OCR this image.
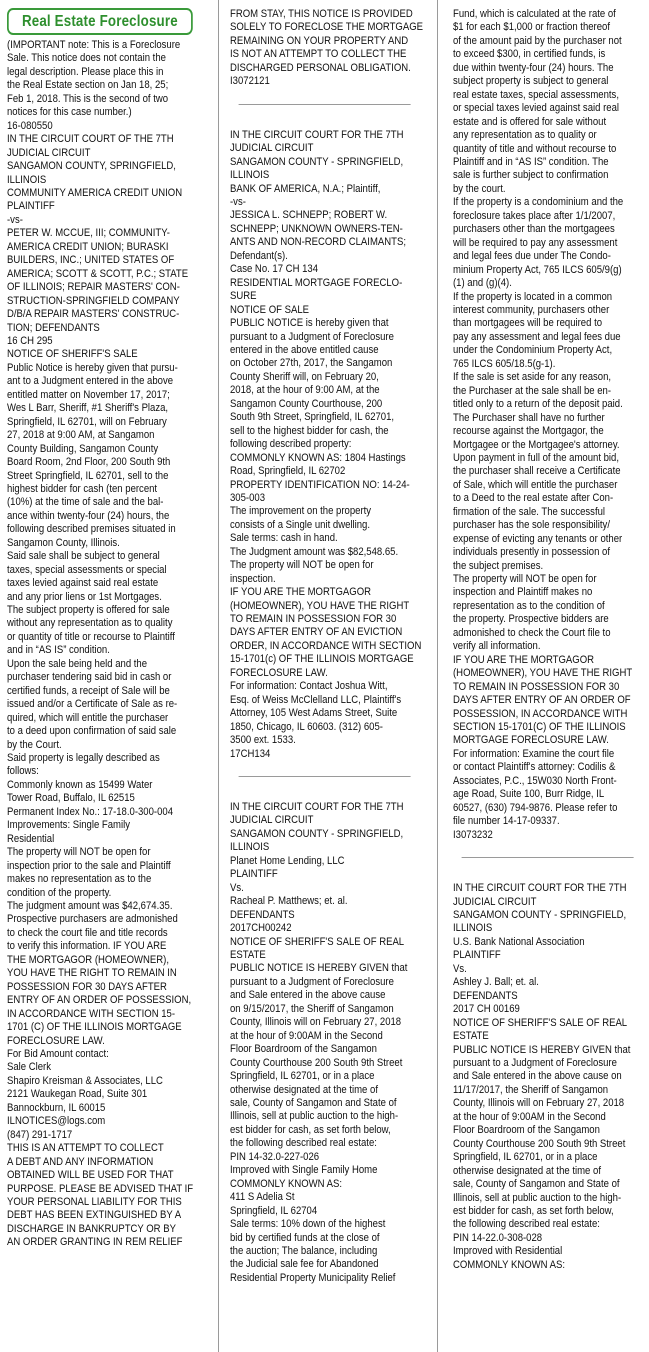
Real Estate Foreclosure
(IMPORTANT note: This is a Foreclosure
Sale. This notice does not contain the
legal description. Please place this in
the Real Estate section on Jan 18, 25;
Feb 1, 2018. This is the second of two
notices for this case number.)
16-080550
IN THE CIRCUIT COURT OF THE 7TH
JUDICIAL CIRCUIT
SANGAMON COUNTY, SPRINGFIELD,
ILLINOIS
COMMUNITY AMERICA CREDIT UNION
PLAINTIFF
-vs-
PETER W. MCCUE, III; COMMUNITY-
AMERICA CREDIT UNION; BURASKI
BUILDERS, INC.; UNITED STATES OF
AMERICA; SCOTT & SCOTT, P.C.; STATE
OF ILLINOIS; REPAIR MASTERS' CON-
STRUCTION-SPRINGFIELD COMPANY
D/B/A REPAIR MASTERS' CONSTRUC-
TION; DEFENDANTS
16 CH 295
NOTICE OF SHERIFF'S SALE
Public Notice is hereby given that pursu-
ant to a Judgment entered in the above
entitled matter on November 17, 2017;
Wes L Barr, Sheriff, #1 Sheriff's Plaza,
Springfield, IL 62701, will on February
27, 2018 at 9:00 AM, at Sangamon
County Building, Sangamon County
Board Room, 2nd Floor, 200 South 9th
Street Springfield, IL 62701, sell to the
highest bidder for cash (ten percent
(10%) at the time of sale and the bal-
ance within twenty-four (24) hours, the
following described premises situated in
Sangamon County, Illinois.
Said sale shall be subject to general
taxes, special assessments or special
taxes levied against said real estate
and any prior liens or 1st Mortgages.
The subject property is offered for sale
without any representation as to quality
or quantity of title or recourse to Plaintiff
and in “AS IS” condition.
Upon the sale being held and the
purchaser tendering said bid in cash or
certified funds, a receipt of Sale will be
issued and/or a Certificate of Sale as re-
quired, which will entitle the purchaser
to a deed upon confirmation of said sale
by the Court.
Said property is legally described as
follows:
Commonly known as 15499 Water
Tower Road, Buffalo, IL 62515
Permanent Index No.: 17-18.0-300-004
Improvements: Single Family
Residential
The property will NOT be open for
inspection prior to the sale and Plaintiff
makes no representation as to the
condition of the property.
The judgment amount was $42,674.35.
Prospective purchasers are admonished
to check the court file and title records
to verify this information. IF YOU ARE
THE MORTGAGOR (HOMEOWNER),
YOU HAVE THE RIGHT TO REMAIN IN
POSSESSION FOR 30 DAYS AFTER
ENTRY OF AN ORDER OF POSSESSION,
IN ACCORDANCE WITH SECTION 15-
1701 (C) OF THE ILLINOIS MORTGAGE
FORECLOSURE LAW.
For Bid Amount contact:
Sale Clerk
Shapiro Kreisman & Associates, LLC
2121 Waukegan Road, Suite 301
Bannockburn, IL 60015
ILNOTICES@logs.com
(847) 291-1717
THIS IS AN ATTEMPT TO COLLECT
A DEBT AND ANY INFORMATION
OBTAINED WILL BE USED FOR THAT
PURPOSE. PLEASE BE ADVISED THAT IF
YOUR PERSONAL LIABILITY FOR THIS
DEBT HAS BEEN EXTINGUISHED BY A
DISCHARGE IN BANKRUPTCY OR BY
AN ORDER GRANTING IN REM RELIEF
FROM STAY, THIS NOTICE IS PROVIDED
SOLELY TO FORECLOSE THE MORTGAGE
REMAINING ON YOUR PROPERTY AND
IS NOT AN ATTEMPT TO COLLECT THE
DISCHARGED PERSONAL OBLIGATION.
I3072121
IN THE CIRCUIT COURT FOR THE 7TH
JUDICIAL CIRCUIT
SANGAMON COUNTY - SPRINGFIELD,
ILLINOIS
BANK OF AMERICA, N.A.; Plaintiff,
-vs-
JESSICA L. SCHNEPP; ROBERT W.
SCHNEPP; UNKNOWN OWNERS-TEN-
ANTS AND NON-RECORD CLAIMANTS;
Defendant(s).
Case No. 17 CH 134
RESIDENTIAL MORTGAGE FORECLO-
SURE
NOTICE OF SALE
PUBLIC NOTICE is hereby given that
pursuant to a Judgment of Foreclosure
entered in the above entitled cause
on October 27th, 2017, the Sangamon
County Sheriff will, on February 20,
2018, at the hour of 9:00 AM, at the
Sangamon County Courthouse, 200
South 9th Street, Springfield, IL 62701,
sell to the highest bidder for cash, the
following described property:
COMMONLY KNOWN AS: 1804 Hastings
Road, Springfield, IL 62702
PROPERTY IDENTIFICATION NO: 14-24-
305-003
The improvement on the property
consists of a Single unit dwelling.
Sale terms: cash in hand.
The Judgment amount was $82,548.65.
The property will NOT be open for
inspection.
IF YOU ARE THE MORTGAGOR
(HOMEOWNER), YOU HAVE THE RIGHT
TO REMAIN IN POSSESSION FOR 30
DAYS AFTER ENTRY OF AN EVICTION
ORDER, IN ACCORDANCE WITH SECTION
15-1701(c) OF THE ILLINOIS MORTGAGE
FORECLOSURE LAW.
For information: Contact Joshua Witt,
Esq. of Weiss McClelland LLC, Plaintiff's
Attorney, 105 West Adams Street, Suite
1850, Chicago, IL 60603. (312) 605-
3500 ext. 1533.
17CH134
IN THE CIRCUIT COURT FOR THE 7TH
JUDICIAL CIRCUIT
SANGAMON COUNTY - SPRINGFIELD,
ILLINOIS
Planet Home Lending, LLC
PLAINTIFF
Vs.
Racheal P. Matthews; et. al.
DEFENDANTS
2017CH00242
NOTICE OF SHERIFF'S SALE OF REAL
ESTATE
PUBLIC NOTICE IS HEREBY GIVEN that
pursuant to a Judgment of Foreclosure
and Sale entered in the above cause
on 9/15/2017, the Sheriff of Sangamon
County, Illinois will on February 27, 2018
at the hour of 9:00AM in the Second
Floor Boardroom of the Sangamon
County Courthouse 200 South 9th Street
Springfield, IL 62701, or in a place
otherwise designated at the time of
sale, County of Sangamon and State of
Illinois, sell at public auction to the high-
est bidder for cash, as set forth below,
the following described real estate:
PIN 14-32.0-227-026
Improved with Single Family Home
COMMONLY KNOWN AS:
411 S Adelia St
Springfield, IL 62704
Sale terms: 10% down of the highest
bid by certified funds at the close of
the auction; The balance, including
the Judicial sale fee for Abandoned
Residential Property Municipality Relief
Fund, which is calculated at the rate of
$1 for each $1,000 or fraction thereof
of the amount paid by the purchaser not
to exceed $300, in certified funds, is
due within twenty-four (24) hours. The
subject property is subject to general
real estate taxes, special assessments,
or special taxes levied against said real
estate and is offered for sale without
any representation as to quality or
quantity of title and without recourse to
Plaintiff and in “AS IS” condition. The
sale is further subject to confirmation
by the court.
If the property is a condominium and the
foreclosure takes place after 1/1/2007,
purchasers other than the mortgagees
will be required to pay any assessment
and legal fees due under The Condo-
minium Property Act, 765 ILCS 605/9(g)
(1) and (g)(4).
If the property is located in a common
interest community, purchasers other
than mortgagees will be required to
pay any assessment and legal fees due
under the Condominium Property Act,
765 ILCS 605/18.5(g-1).
If the sale is set aside for any reason,
the Purchaser at the sale shall be en-
titled only to a return of the deposit paid.
The Purchaser shall have no further
recourse against the Mortgagor, the
Mortgagee or the Mortgagee's attorney.
Upon payment in full of the amount bid,
the purchaser shall receive a Certificate
of Sale, which will entitle the purchaser
to a Deed to the real estate after Con-
firmation of the sale. The successful
purchaser has the sole responsibility/
expense of evicting any tenants or other
individuals presently in possession of
the subject premises.
The property will NOT be open for
inspection and Plaintiff makes no
representation as to the condition of
the property. Prospective bidders are
admonished to check the Court file to
verify all information.
IF YOU ARE THE MORTGAGOR
(HOMEOWNER), YOU HAVE THE RIGHT
TO REMAIN IN POSSESSION FOR 30
DAYS AFTER ENTRY OF AN ORDER OF
POSSESSION, IN ACCORDANCE WITH
SECTION 15-1701(C) OF THE ILLINOIS
MORTGAGE FORECLOSURE LAW.
For information: Examine the court file
or contact Plaintiff's attorney: Codilis &
Associates, P.C., 15W030 North Front-
age Road, Suite 100, Burr Ridge, IL
60527, (630) 794-9876. Please refer to
file number 14-17-09337.
I3073232
IN THE CIRCUIT COURT FOR THE 7TH
JUDICIAL CIRCUIT
SANGAMON COUNTY - SPRINGFIELD,
ILLINOIS
U.S. Bank National Association
PLAINTIFF
Vs.
Ashley J. Ball; et. al.
DEFENDANTS
2017 CH 00169
NOTICE OF SHERIFF'S SALE OF REAL
ESTATE
PUBLIC NOTICE IS HEREBY GIVEN that
pursuant to a Judgment of Foreclosure
and Sale entered in the above cause on
11/17/2017, the Sheriff of Sangamon
County, Illinois will on February 27, 2018
at the hour of 9:00AM in the Second
Floor Boardroom of the Sangamon
County Courthouse 200 South 9th Street
Springfield, IL 62701, or in a place
otherwise designated at the time of
sale, County of Sangamon and State of
Illinois, sell at public auction to the high-
est bidder for cash, as set forth below,
the following described real estate:
PIN 14-22.0-308-028
Improved with Residential
COMMONLY KNOWN AS:
